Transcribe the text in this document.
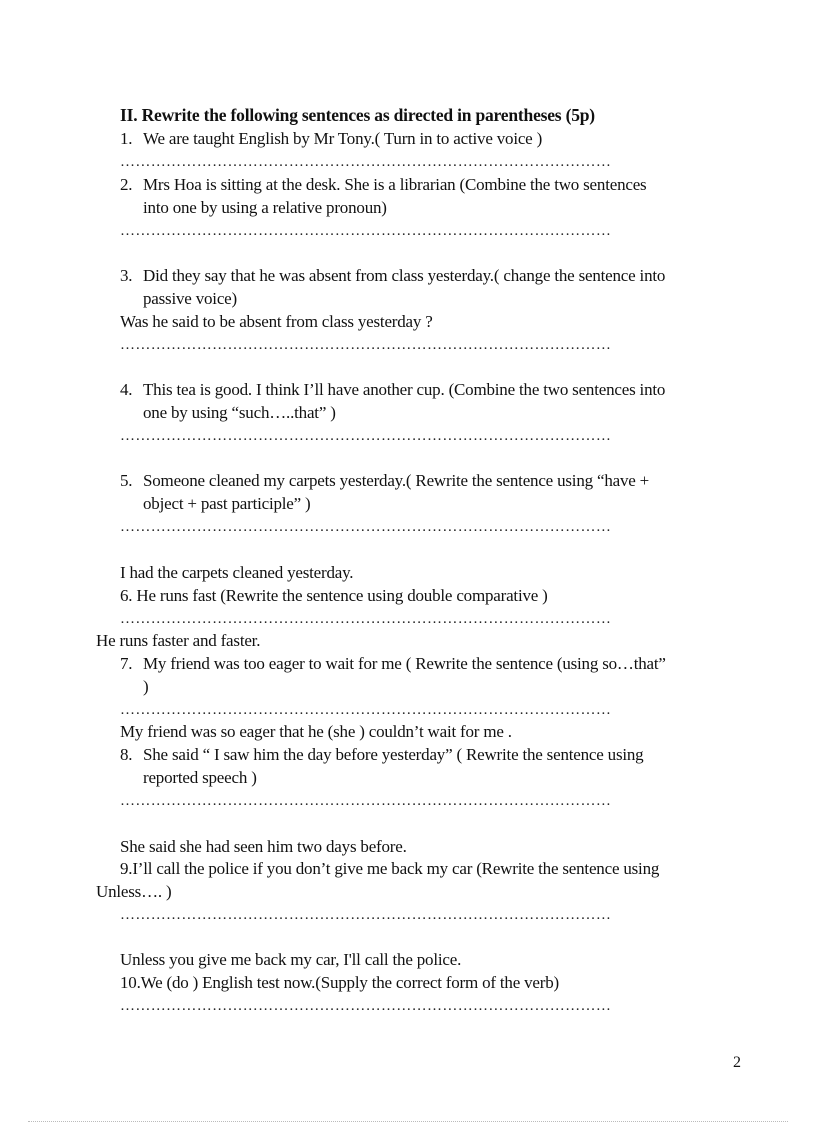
II. Rewrite the following sentences as directed in parentheses (5p)
1. We are taught English by Mr Tony.( Turn in to active voice )
……………………………………………………………………………………
2. Mrs Hoa is sitting at the desk. She is a librarian (Combine the two sentences
into one by using a relative pronoun)
……………………………………………………………………………………
3. Did they say that he was absent from class yesterday.( change the sentence into
passive voice)
Was he said to be absent from class yesterday ?
……………………………………………………………………………………
4. This tea is good. I think I’ll have another cup. (Combine the two sentences into
one by using “such…..that” )
……………………………………………………………………………………
5. Someone cleaned my carpets yesterday.( Rewrite the sentence using “have +
object + past participle” )
……………………………………………………………………………………
I had the carpets cleaned yesterday.
6. He runs fast (Rewrite the sentence using double comparative )
……………………………………………………………………………………
He runs faster and faster.
7. My friend was too eager to wait for me ( Rewrite the sentence (using so…that”
)
……………………………………………………………………………………
My friend was so eager that he (she ) couldn’t wait for me .
8. She said “ I saw him the day before yesterday” ( Rewrite the sentence using
reported speech )
……………………………………………………………………………………
She said she had seen him two days before.
9.I’ll call the police if you don’t give me back my car (Rewrite the sentence using
Unless…. )
……………………………………………………………………………………
Unless you give me back my car, I'll call the police.
10.We (do ) English test now.(Supply the correct form of the verb)
……………………………………………………………………………………
2
